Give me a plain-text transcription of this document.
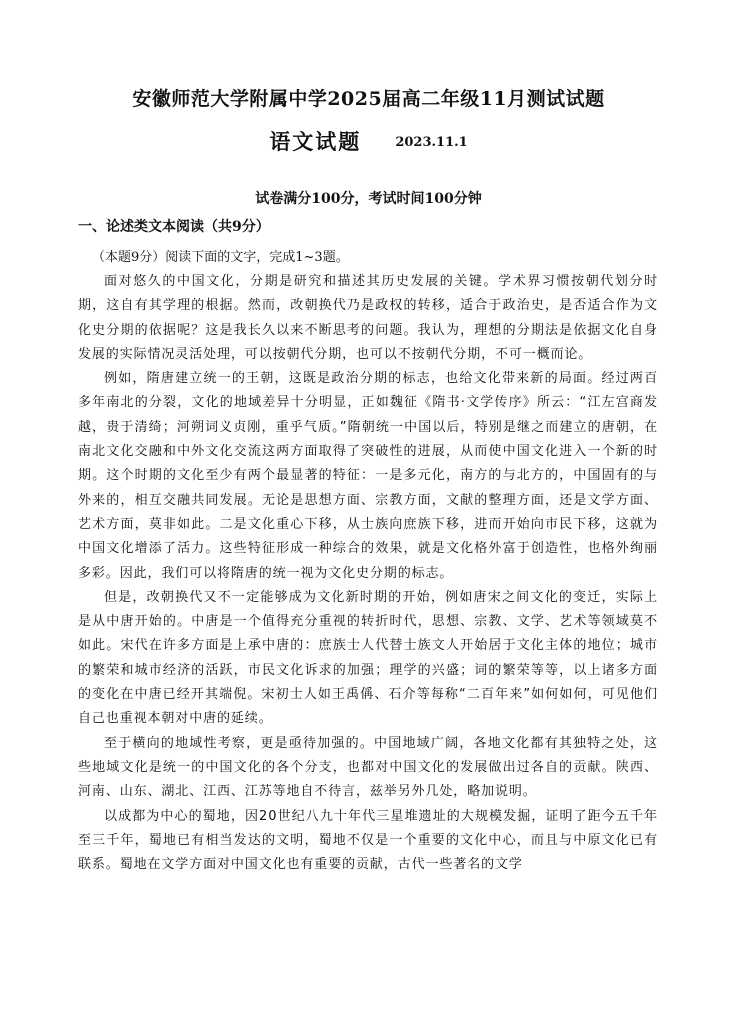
安徽师范大学附属中学2025届高二年级11月测试试题
语文试题	2023.11.1
试卷满分100分，考试时间100分钟
一、论述类文本阅读（共9分）
（本题9分）阅读下面的文字，完成1~3题。

面对悠久的中国文化，分期是研究和描述其历史发展的关键。学术界习惯按朝代划分时期，这自有其学理的根据。然而，改朝换代乃是政权的转移，适合于政治史，是否适合作为文化史分期的依据呢？这是我长久以来不断思考的问题。我认为，理想的分期法是依据文化自身发展的实际情况灵活处理，可以按朝代分期，也可以不按朝代分期，不可一概而论。

例如，隋唐建立统一的王朝，这既是政治分期的标志，也给文化带来新的局面。经过两百多年南北的分裂，文化的地域差异十分明显，正如魏征《隋书·文学传序》所云：“江左宫商发越，贵于清绮；河朔词义贞刚，重乎气质。”隋朝统一中国以后，特别是继之而建立的唐朝，在南北文化交融和中外文化交流这两方面取得了突破性的进展，从而使中国文化进入一个新的时期。这个时期的文化至少有两个最显著的特征：一是多元化，南方的与北方的，中国固有的与外来的，相互交融共同发展。无论是思想方面、宗教方面，文献的整理方面，还是文学方面、艺术方面，莫非如此。二是文化重心下移，从士族向庶族下移，进而开始向市民下移，这就为中国文化增添了活力。这些特征形成一种综合的效果，就是文化格外富于创造性，也格外绚丽多彩。因此，我们可以将隋唐的统一视为文化史分期的标志。

但是，改朝换代又不一定能够成为文化新时期的开始，例如唐宋之间文化的变迁，实际上是从中唐开始的。中唐是一个值得充分重视的转折时代，思想、宗教、文学、艺术等领域莫不如此。宋代在许多方面是上承中唐的：庶族士人代替士族文人开始居于文化主体的地位；城市的繁荣和城市经济的活跃，市民文化诉求的加强；理学的兴盛；词的繁荣等等，以上诸多方面的变化在中唐已经开其端倪。宋初士人如王禹偁、石介等每称“二百年来”如何如何，可见他们自己也重视本朝对中唐的延续。

至于横向的地域性考察，更是亟待加强的。中国地域广阔，各地文化都有其独特之处，这些地域文化是统一的中国文化的各个分支，也都对中国文化的发展做出过各自的贡献。陕西、河南、山东、湖北、江西、江苏等地自不待言，兹举另外几处，略加说明。

以成都为中心的蜀地，因20世纪八九十年代三星堆遗址的大规模发掘，证明了距今五千年至三千年，蜀地已有相当发达的文明，蜀地不仅是一个重要的文化中心，而且与中原文化已有联系。蜀地在文学方面对中国文化也有重要的贡献，古代一些著名的文学
